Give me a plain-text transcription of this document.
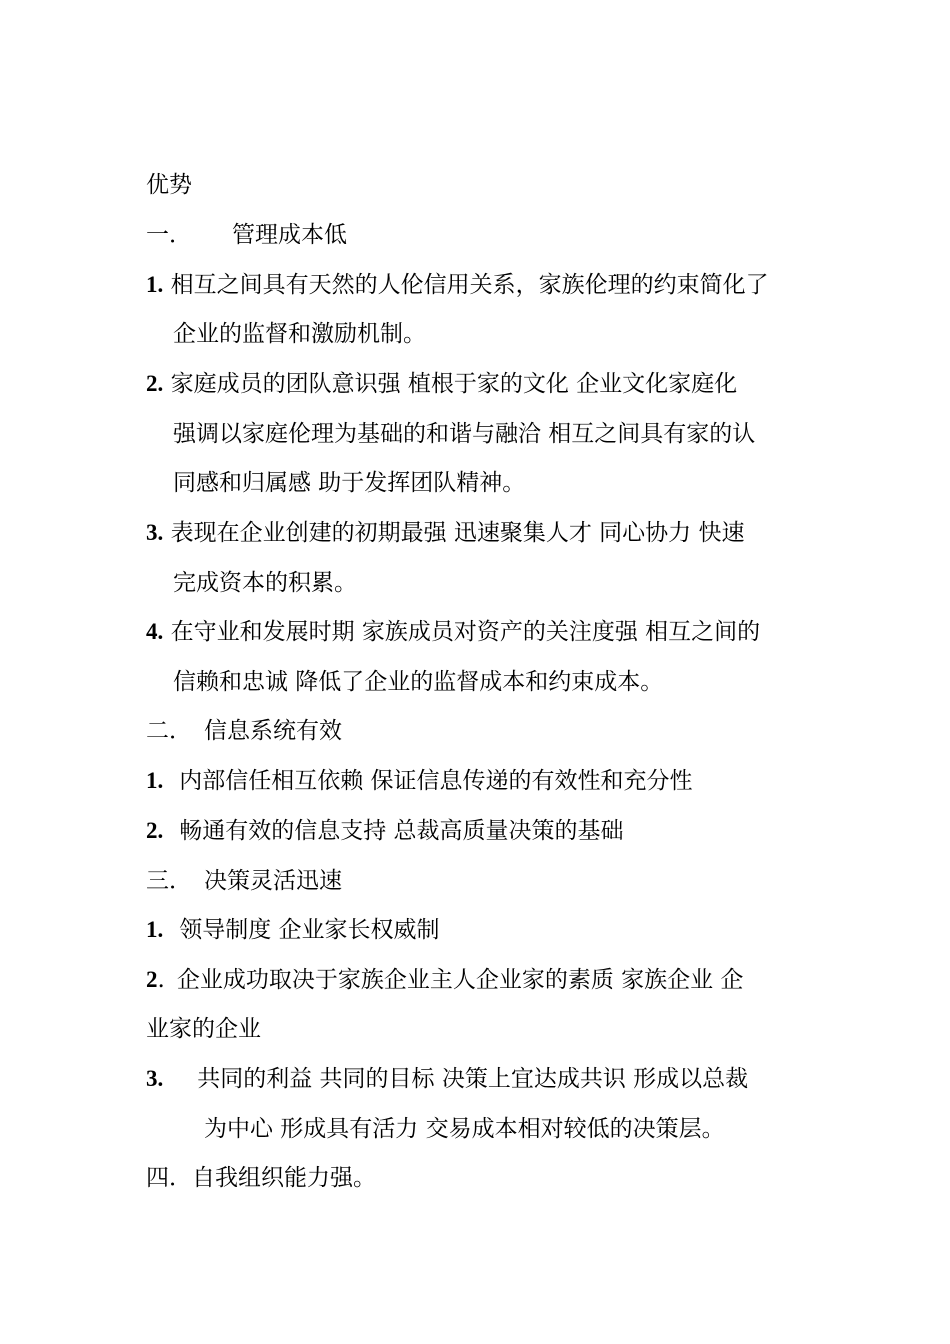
优势
一． 管理成本低
1. 相互之间具有天然的人伦信用关系，家族伦理的约束简化了
企业的监督和激励机制。
2. 家庭成员的团队意识强 植根于家的文化 企业文化家庭化
强调以家庭伦理为基础的和谐与融洽 相互之间具有家的认
同感和归属感 助于发挥团队精神。
3. 表现在企业创建的初期最强 迅速聚集人才 同心协力 快速
完成资本的积累。
4. 在守业和发展时期 家族成员对资产的关注度强 相互之间的
信赖和忠诚 降低了企业的监督成本和约束成本。
二． 信息系统有效
1. 内部信任相互依赖 保证信息传递的有效性和充分性
2. 畅通有效的信息支持 总裁高质量决策的基础
三． 决策灵活迅速
1. 领导制度 企业家长权威制
2. 企业成功取决于家族企业主人企业家的素质 家族企业 企
业家的企业
3. 共同的利益 共同的目标 决策上宜达成共识 形成以总裁
为中心 形成具有活力 交易成本相对较低的决策层。
四．自我组织能力强。
